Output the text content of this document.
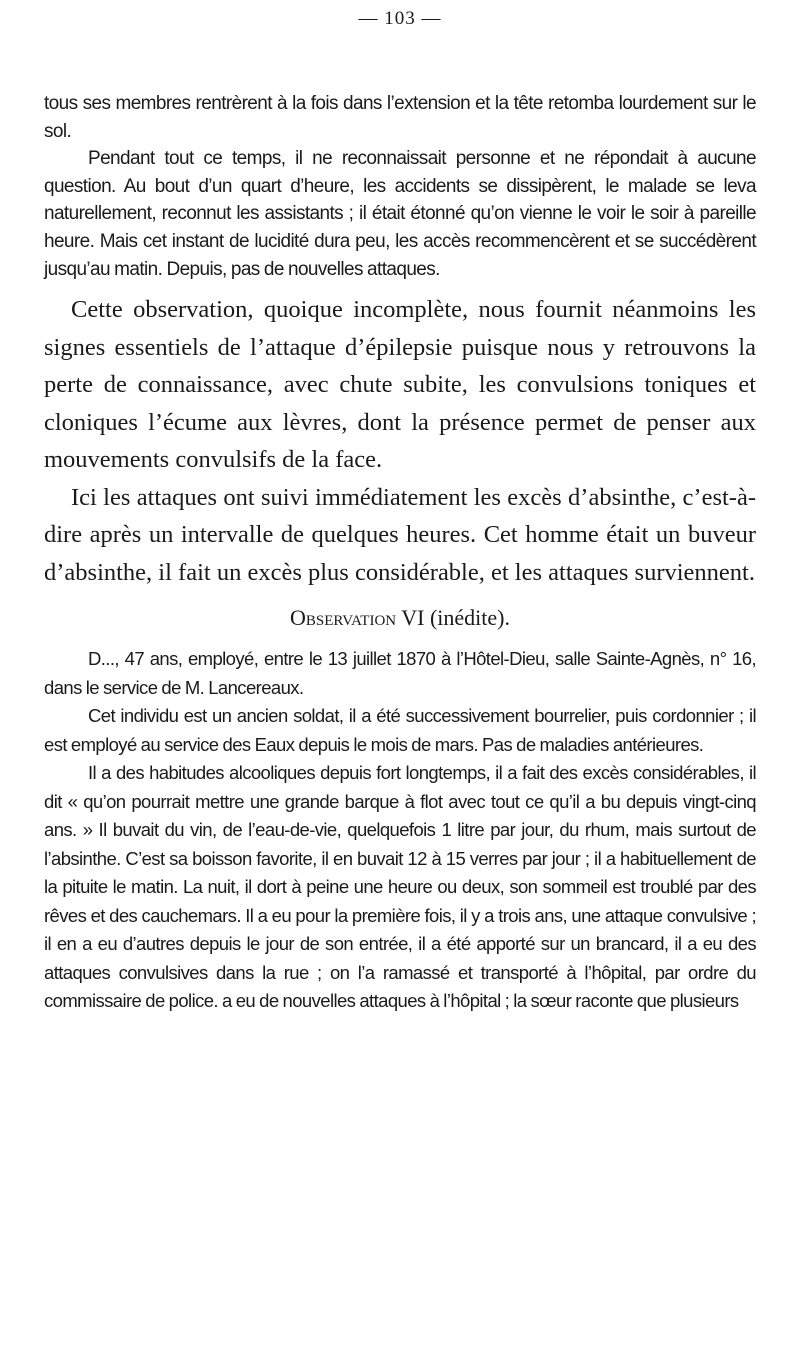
— 103 —

tous ses membres rentrèrent à la fois dans l’extension et la tête retomba lourdement sur le sol.

Pendant tout ce temps, il ne reconnaissait personne et ne répondait à aucune question. Au bout d’un quart d’heure, les accidents se dissipèrent, le malade se leva naturellement, reconnut les assistants ; il était étonné qu’on vienne le voir le soir à pareille heure. Mais cet instant de lucidité dura peu, les accès recommencèrent et se succédèrent jusqu’au matin. Depuis, pas de nouvelles attaques.

Cette observation, quoique incomplète, nous fournit néanmoins les signes essentiels de l’attaque d’épilepsie puisque nous y retrouvons la perte de connaissance, avec chute subite, les convulsions toniques et cloniques l’écume aux lèvres, dont la présence permet de penser aux mouvements convulsifs de la face.

Ici les attaques ont suivi immédiatement les excès d’absinthe, c’est-à-dire après un intervalle de quelques heures. Cet homme était un buveur d’absinthe, il fait un excès plus considérable, et les attaques surviennent.

Observation VI (inédite).

D..., 47 ans, employé, entre le 13 juillet 1870 à l’Hôtel-Dieu, salle Sainte-Agnès, n° 16, dans le service de M. Lancereaux.

Cet individu est un ancien soldat, il a été successivement bourrelier, puis cordonnier ; il est employé au service des Eaux depuis le mois de mars. Pas de maladies antérieures.

Il a des habitudes alcooliques depuis fort longtemps, il a fait des excès considérables, il dit « qu’on pourrait mettre une grande barque à flot avec tout ce qu’il a bu depuis vingt-cinq ans. » Il buvait du vin, de l’eau-de-vie, quelquefois 1 litre par jour, du rhum, mais surtout de l’absinthe. C’est sa boisson favorite, il en buvait 12 à 15 verres par jour ; il a habituellement de la pituite le matin. La nuit, il dort à peine une heure ou deux, son sommeil est troublé par des rêves et des cauchemars. Il a eu pour la première fois, il y a trois ans, une attaque convulsive ; il en a eu d’autres depuis le jour de son entrée, il a été apporté sur un brancard, il a eu des attaques convulsives dans la rue ; on l’a ramassé et transporté à l’hôpital, par ordre du commissaire de police. a eu de nouvelles attaques à l’hôpital ; la sœur raconte que plusieurs
